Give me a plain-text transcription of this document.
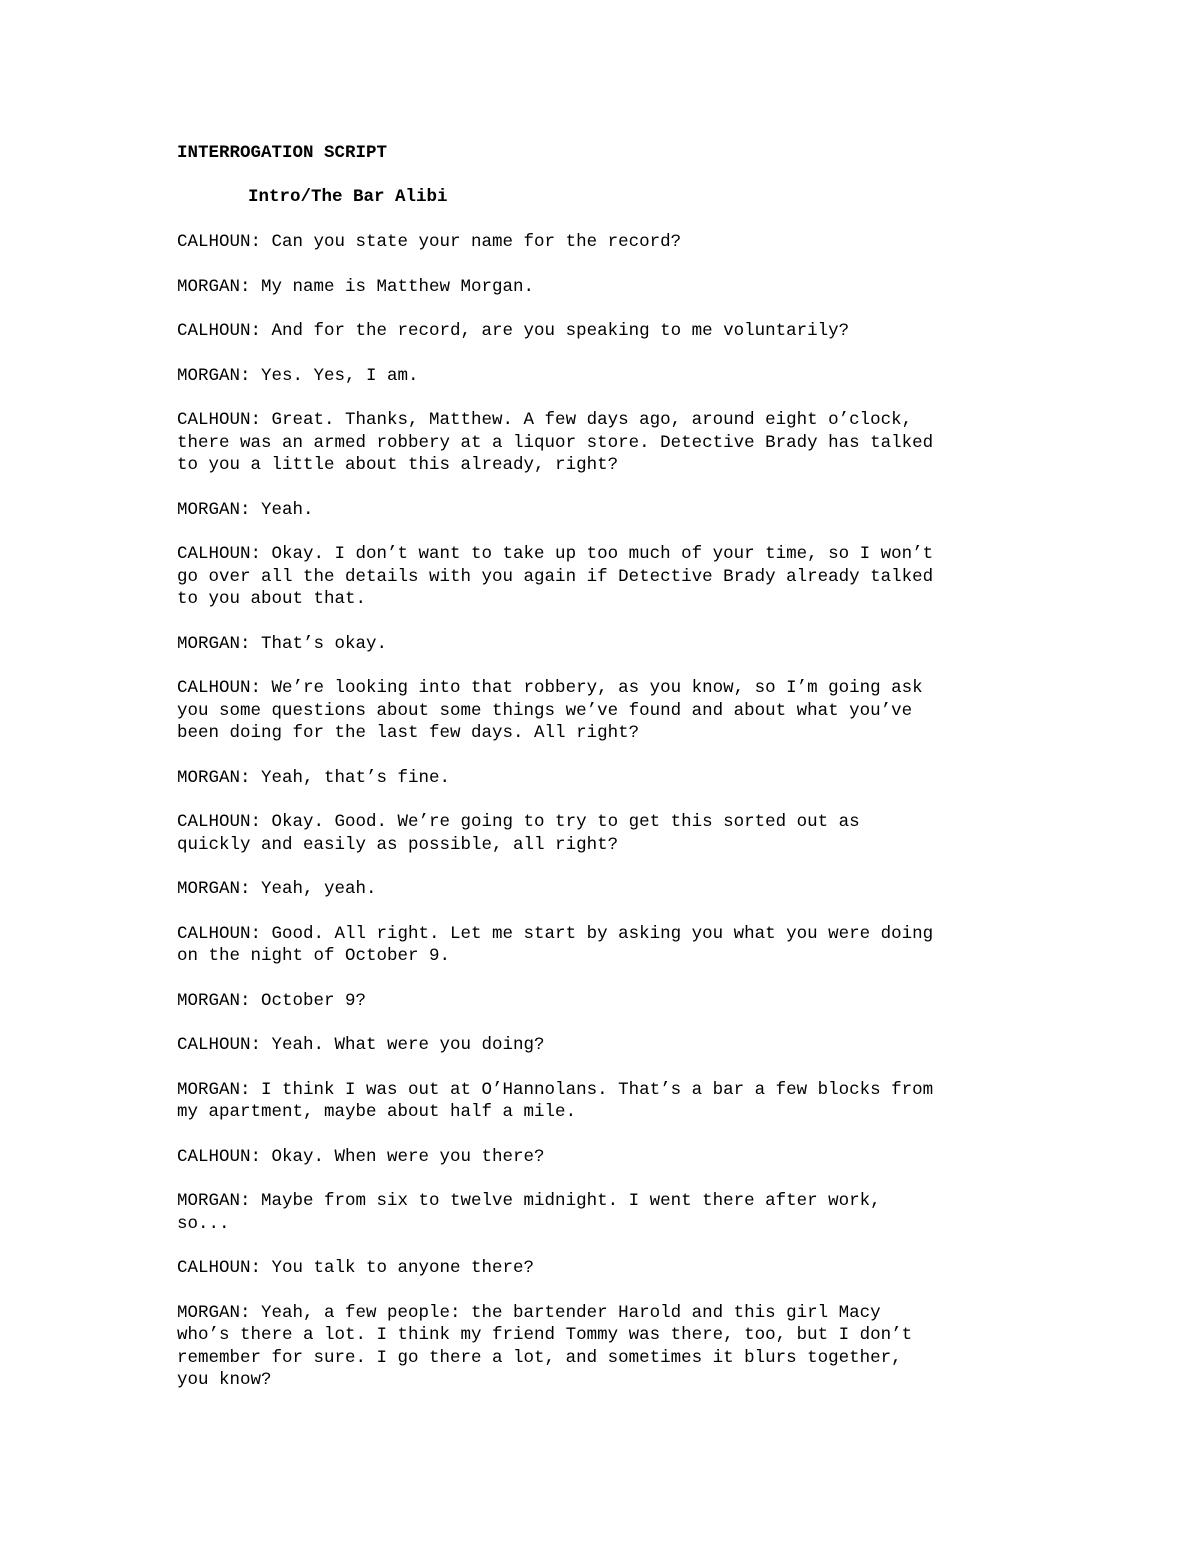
INTERROGATION SCRIPT
Intro/The Bar Alibi
CALHOUN: Can you state your name for the record?
MORGAN: My name is Matthew Morgan.
CALHOUN: And for the record, are you speaking to me voluntarily?
MORGAN: Yes. Yes, I am.
CALHOUN: Great. Thanks, Matthew. A few days ago, around eight o’clock,
there was an armed robbery at a liquor store. Detective Brady has talked
to you a little about this already, right?
MORGAN: Yeah.
CALHOUN: Okay. I don’t want to take up too much of your time, so I won’t
go over all the details with you again if Detective Brady already talked
to you about that.
MORGAN: That’s okay.
CALHOUN: We’re looking into that robbery, as you know, so I’m going ask
you some questions about some things we’ve found and about what you’ve
been doing for the last few days. All right?
MORGAN: Yeah, that’s fine.
CALHOUN: Okay. Good. We’re going to try to get this sorted out as
quickly and easily as possible, all right?
MORGAN: Yeah, yeah.
CALHOUN: Good. All right. Let me start by asking you what you were doing
on the night of October 9.
MORGAN: October 9?
CALHOUN: Yeah. What were you doing?
MORGAN: I think I was out at O’Hannolans. That’s a bar a few blocks from
my apartment, maybe about half a mile.
CALHOUN: Okay. When were you there?
MORGAN: Maybe from six to twelve midnight. I went there after work,
so...
CALHOUN: You talk to anyone there?
MORGAN: Yeah, a few people: the bartender Harold and this girl Macy
who’s there a lot. I think my friend Tommy was there, too, but I don’t
remember for sure. I go there a lot, and sometimes it blurs together,
you know?
